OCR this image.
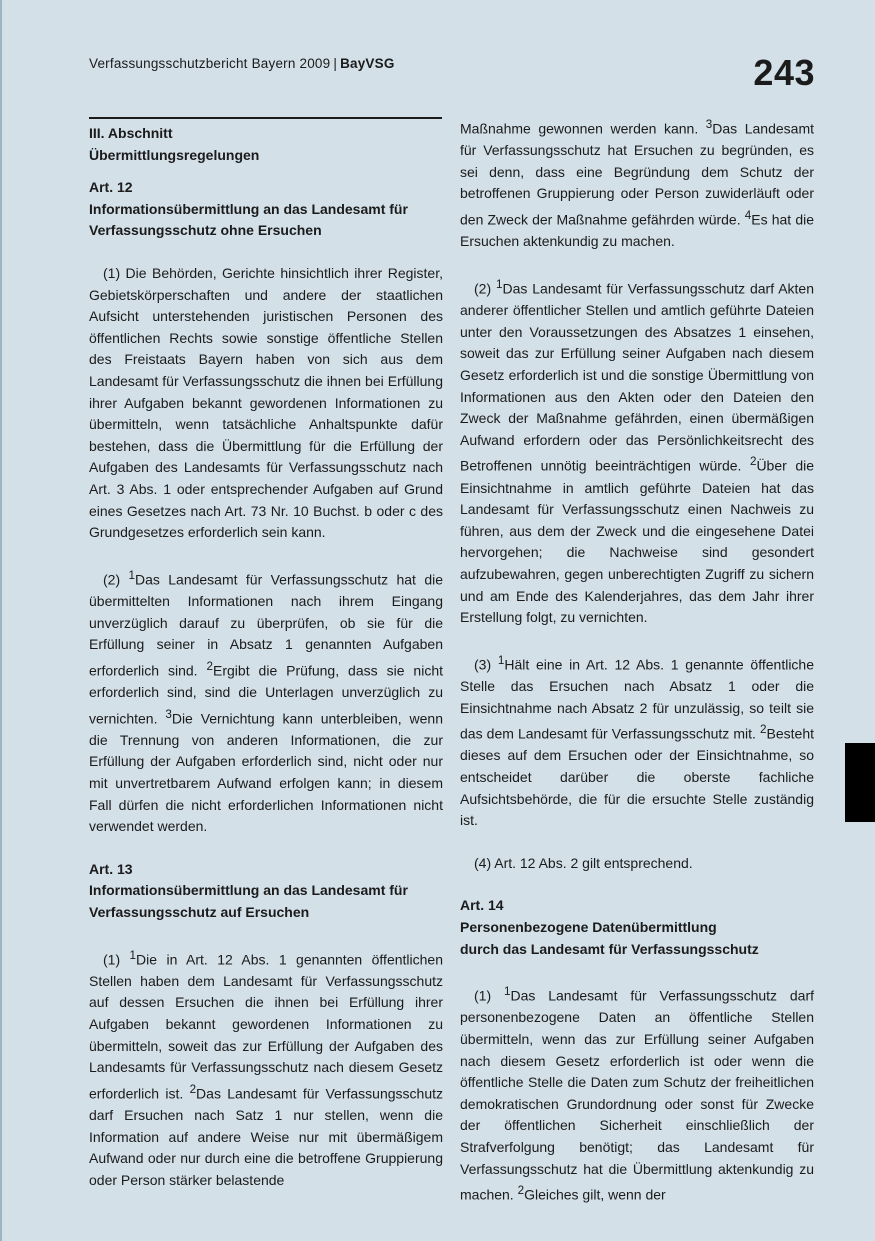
Verfassungsschutzbericht Bayern 2009 | BayVSG	243

III. Abschnitt

Übermittlungsregelungen

Art. 12

Informationsübermittlung an das Landesamt für Verfassungsschutz ohne Ersuchen

(1) Die Behörden, Gerichte hinsichtlich ihrer Register, Gebietskörperschaften und andere der staatlichen Aufsicht unterstehenden juristischen Personen des öffentlichen Rechts sowie sonstige öffentliche Stellen des Freistaats Bayern haben von sich aus dem Landesamt für Verfassungsschutz die ihnen bei Erfüllung ihrer Aufgaben bekannt gewordenen Informationen zu übermitteln, wenn tatsächliche Anhaltspunkte dafür bestehen, dass die Übermittlung für die Erfüllung der Aufgaben des Landesamts für Verfassungsschutz nach Art. 3 Abs. 1 oder entsprechender Aufgaben auf Grund eines Gesetzes nach Art. 73 Nr. 10 Buchst. b oder c des Grundgesetzes erforderlich sein kann.

(2) $^1$Das Landesamt für Verfassungsschutz hat die übermittelten Informationen nach ihrem Eingang unverzüglich darauf zu überprüfen, ob sie für die Erfüllung seiner in Absatz 1 genannten Aufgaben erforderlich sind. $^2$Ergibt die Prüfung, dass sie nicht erforderlich sind, sind die Unterlagen unverzüglich zu vernichten. $^3$Die Vernichtung kann unterbleiben, wenn die Trennung von anderen Informationen, die zur Erfüllung der Aufgaben erforderlich sind, nicht oder nur mit unvertretbarem Aufwand erfolgen kann; in diesem Fall dürfen die nicht erforderlichen Informationen nicht verwendet werden.

Art. 13

Informationsübermittlung an das Landesamt für Verfassungsschutz auf Ersuchen

(1) $^1$Die in Art. 12 Abs. 1 genannten öffentlichen Stellen haben dem Landesamt für Verfassungsschutz auf dessen Ersuchen die ihnen bei Erfüllung ihrer Aufgaben bekannt gewordenen Informationen zu übermitteln, soweit das zur Erfüllung der Aufgaben des Landesamts für Verfassungsschutz nach diesem Gesetz erforderlich ist. $^2$Das Landesamt für Verfassungsschutz darf Ersuchen nach Satz 1 nur stellen, wenn die Information auf andere Weise nur mit übermäßigem Aufwand oder nur durch eine die betroffene Gruppierung oder Person stärker belastende

Maßnahme gewonnen werden kann. $^3$Das Landesamt für Verfassungsschutz hat Ersuchen zu begründen, es sei denn, dass eine Begründung dem Schutz der betroffenen Gruppierung oder Person zuwiderläuft oder den Zweck der Maßnahme gefährden würde. $^4$Es hat die Ersuchen aktenkundig zu machen.

(2) $^1$Das Landesamt für Verfassungsschutz darf Akten anderer öffentlicher Stellen und amtlich geführte Dateien unter den Voraussetzungen des Absatzes 1 einsehen, soweit das zur Erfüllung seiner Aufgaben nach diesem Gesetz erforderlich ist und die sonstige Übermittlung von Informationen aus den Akten oder den Dateien den Zweck der Maßnahme gefährden, einen übermäßigen Aufwand erfordern oder das Persönlichkeitsrecht des Betroffenen unnötig beeinträchtigen würde. $^2$Über die Einsichtnahme in amtlich geführte Dateien hat das Landesamt für Verfassungsschutz einen Nachweis zu führen, aus dem der Zweck und die eingesehene Datei hervorgehen; die Nachweise sind gesondert aufzubewahren, gegen unberechtigten Zugriff zu sichern und am Ende des Kalenderjahres, das dem Jahr ihrer Erstellung folgt, zu vernichten.

(3) $^1$Hält eine in Art. 12 Abs. 1 genannte öffentliche Stelle das Ersuchen nach Absatz 1 oder die Einsichtnahme nach Absatz 2 für unzulässig, so teilt sie das dem Landesamt für Verfassungsschutz mit. $^2$Besteht dieses auf dem Ersuchen oder der Einsichtnahme, so entscheidet darüber die oberste fachliche Aufsichtsbehörde, die für die ersuchte Stelle zuständig ist.

(4) Art. 12 Abs. 2 gilt entsprechend.

Art. 14

Personenbezogene Datenübermittlung

durch das Landesamt für Verfassungsschutz

(1) $^1$Das Landesamt für Verfassungsschutz darf personenbezogene Daten an öffentliche Stellen übermitteln, wenn das zur Erfüllung seiner Aufgaben nach diesem Gesetz erforderlich ist oder wenn die öffentliche Stelle die Daten zum Schutz der freiheitlichen demokratischen Grundordnung oder sonst für Zwecke der öffentlichen Sicherheit einschließlich der Strafverfolgung benötigt; das Landesamt für Verfassungsschutz hat die Übermittlung aktenkundig zu machen. $^2$Gleiches gilt, wenn der
